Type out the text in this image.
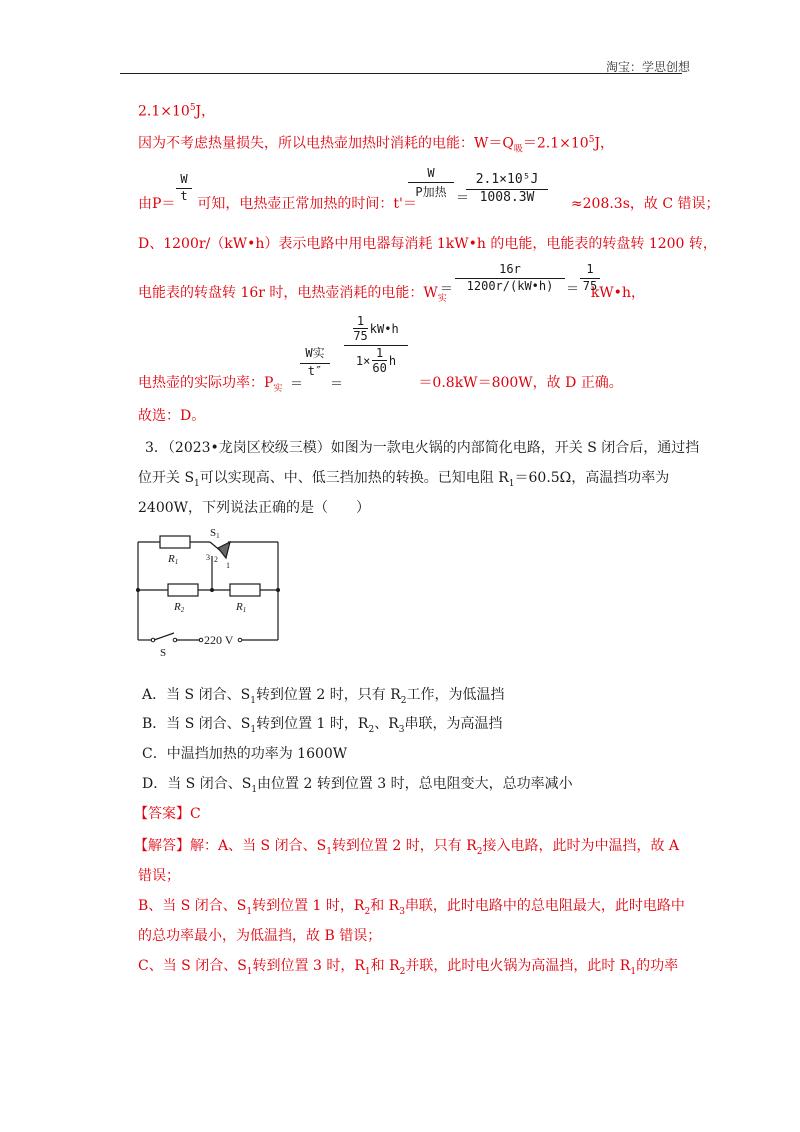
淘宝：学思创想
$2.1\times 10^5J$，
因为不考虑热量损失，所以电热壶加热时消耗的电能：$W=Q_吸=2.1\times 10^5J$，
由P＝ 可知，电热壶正常加热的时间：t'＝	≈208.3s，故 C 错误；
$\frac{W}{t}$	W
P加热 ＝
$\frac{\text{2.1×10⁵J}}{1008.3W}$
D、1200r/（kW•h）表示电路中用电器每消耗 1kW•h 的电能，电能表的转盘转 1200 转，
电能表的转盘转 16r 时，电热壶消耗的电能：$W_实$	kW•h，
＝ $\frac{16r}{1200r/(kW•h)} = \frac{1}{75}$
电热壶的实际功率：$P_实$	＝0.8kW＝800W，故 D 正确。
＝
W实
t″
＝
1
75
kW•h
$1\times \frac{1}{60}$ h
故选：D。
3．（2023•龙岗区校级三模）如图为一款电火锅的内部简化电路，开关 S 闭合后，通过挡
位开关 $S_1$可以实现高、中、低三挡加热的转换。已知电阻 $R_1=60.5\Omega$，高温挡功率为
2400W，下列说法正确的是（　　）
R1
S1
3 2
1
R2	R1
S
220 V
A．当 S 闭合、$S_1$转到位置 2 时，只有 $R_2$工作，为低温挡
B．当 S 闭合、$S_1$转到位置 1 时，$R_2$、$R_3$串联，为高温挡
C．中温挡加热的功率为 1600W
D．当 S 闭合、$S_1$由位置 2 转到位置 3 时，总电阻变大，总功率减小
【答案】C
【解答】解：A、当 S 闭合、$S_1$转到位置 2 时，只有 $R_2$接入电路，此时为中温挡，故 A
错误；
B、当 S 闭合、$S_1$转到位置 1 时，$R_2$和 $R_3$串联，此时电路中的总电阻最大，此时电路中
的总功率最小，为低温挡，故 B 错误；
C、当 S 闭合、$S_1$转到位置 3 时，$R_1$和 $R_2$并联，此时电火锅为高温挡，此时 $R_1$的功率
